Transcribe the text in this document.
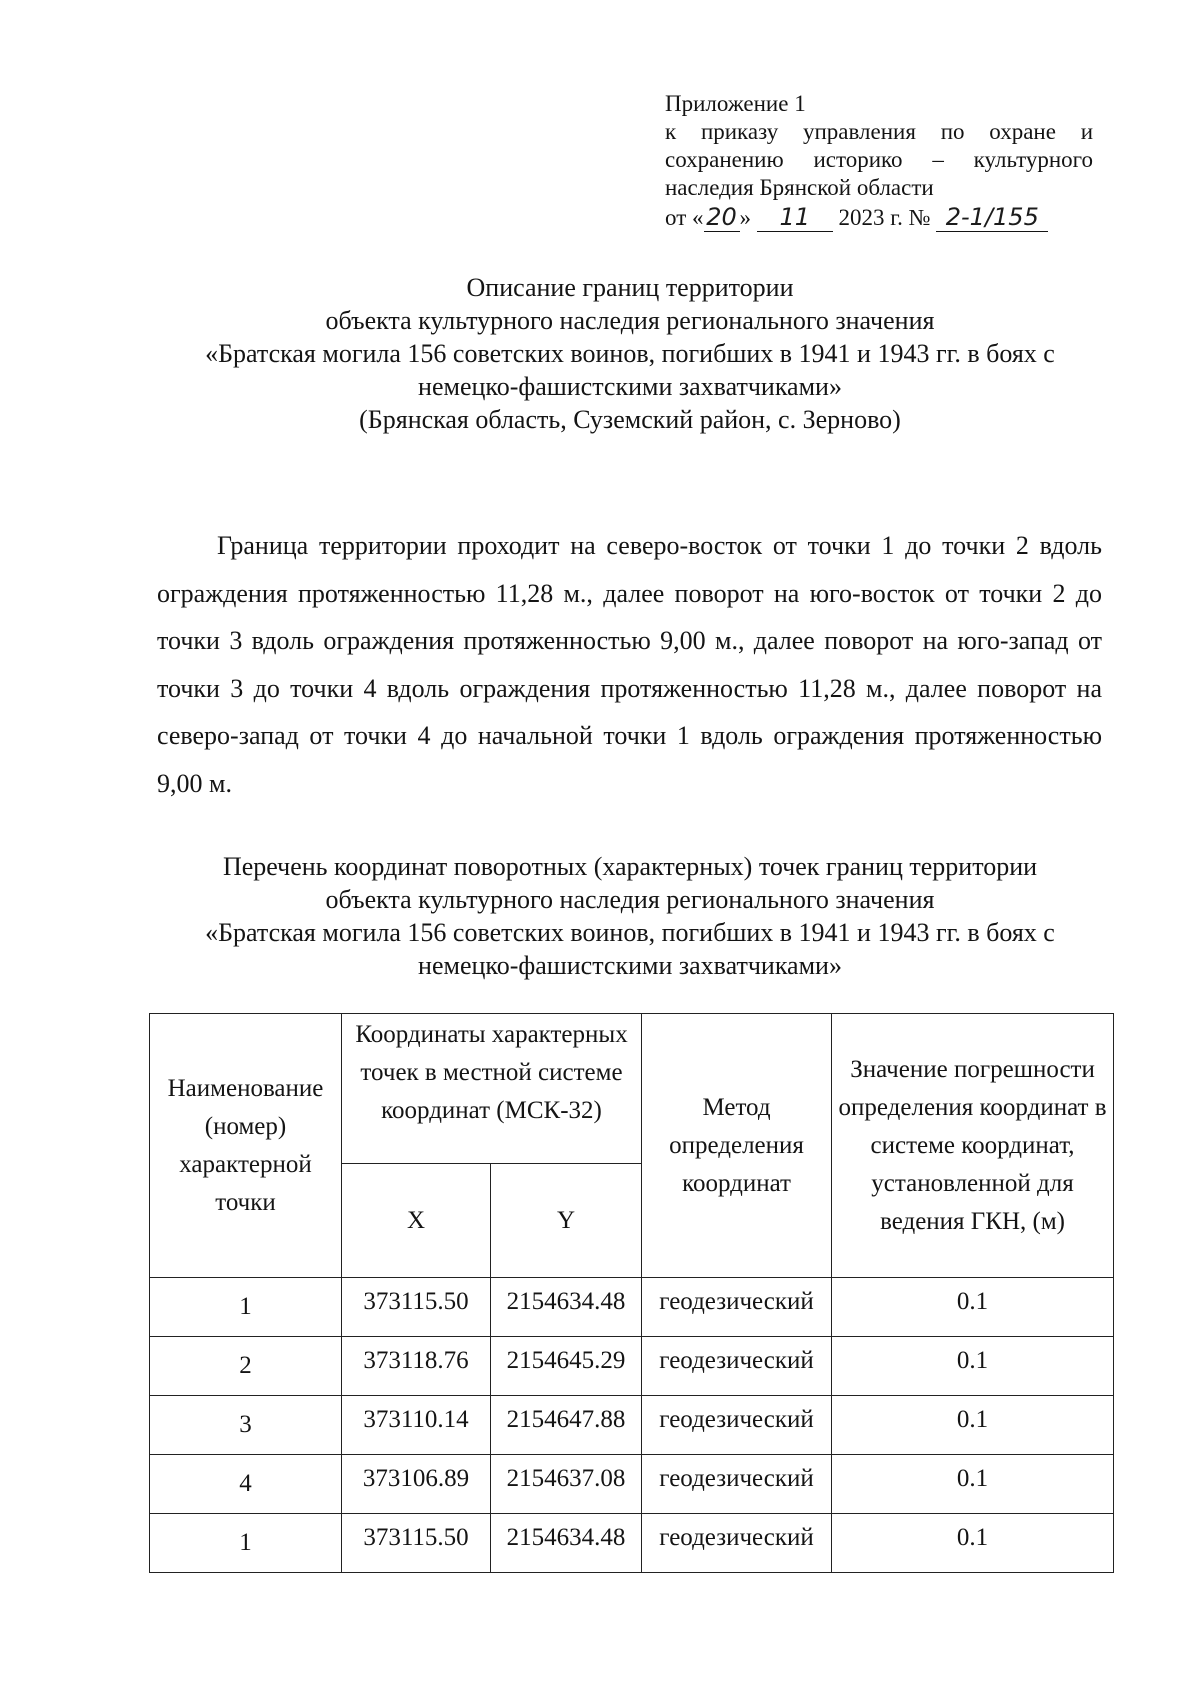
Приложение 1
к приказу управления по охране и
сохранению историко – культурного
наследия Брянской области
от « 20 » 11 2023 г. № 2-1/155
Описание границ территории
объекта культурного наследия регионального значения
«Братская могила 156 советских воинов, погибших в 1941 и 1943 гг. в боях с
немецко-фашистскими захватчиками»
(Брянская область, Суземский район, с. Зерново)
Граница территории проходит на северо-восток от точки 1 до точки 2 вдоль ограждения протяженностью 11,28 м., далее поворот на юго-восток от точки 2 до точки 3 вдоль ограждения протяженностью 9,00 м., далее поворот на юго-запад от точки 3 до точки 4 вдоль ограждения протяженностью 11,28 м., далее поворот на северо-запад от точки 4 до начальной точки 1 вдоль ограждения протяженностью 9,00 м.
Перечень координат поворотных (характерных) точек границ территории
объекта культурного наследия регионального значения
«Братская могила 156 советских воинов, погибших в 1941 и 1943 гг. в боях с
немецко-фашистскими захватчиками»
Наименование (номер) характерной точки	Координаты характерных точек в местной системе координат (МСК-32)		Метод определения координат	Значение погрешности определения координат в системе координат, установленной для ведения ГКН, (м)
	X	Y		
1	373115.50	2154634.48	геодезический	0.1
2	373118.76	2154645.29	геодезический	0.1
3	373110.14	2154647.88	геодезический	0.1
4	373106.89	2154637.08	геодезический	0.1
1	373115.50	2154634.48	геодезический	0.1
